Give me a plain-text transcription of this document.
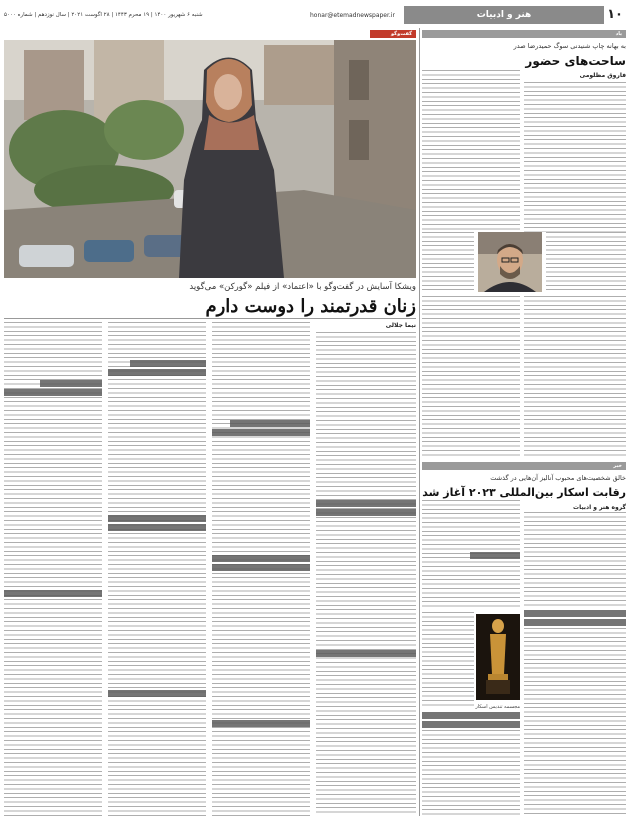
شنبه ۶ شهریور ۱۴۰۰ | ۱۹ محرم ۱۴۴۳ | ۲۸ اگوست ۲۰۲۱ | سال نوزدهم | شماره ۵۰۰۰	honar@etemadnewspaper.ir	هنر و ادبیات	۱۰
گفت‌وگو	یاد
خبر
ویشکا آسایش در گفت‌وگو با «اعتماد» از فیلم «گورکن» می‌گوید
زنان قدرتمند را دوست دارم
نیما جلالی
به بهانه چاپ شنیدنی سوگ حمیدرضا صدر
ساحت‌های حضور
فاروق مظلومی
خالق شخصیت‌های محبوب آنالیز آن‌هایی در گذشت
رقابت اسکار بین‌المللی ۲۰۲۳ آغاز شد
گروه هنر و ادبیات
مجسمه تندیس اسکار
